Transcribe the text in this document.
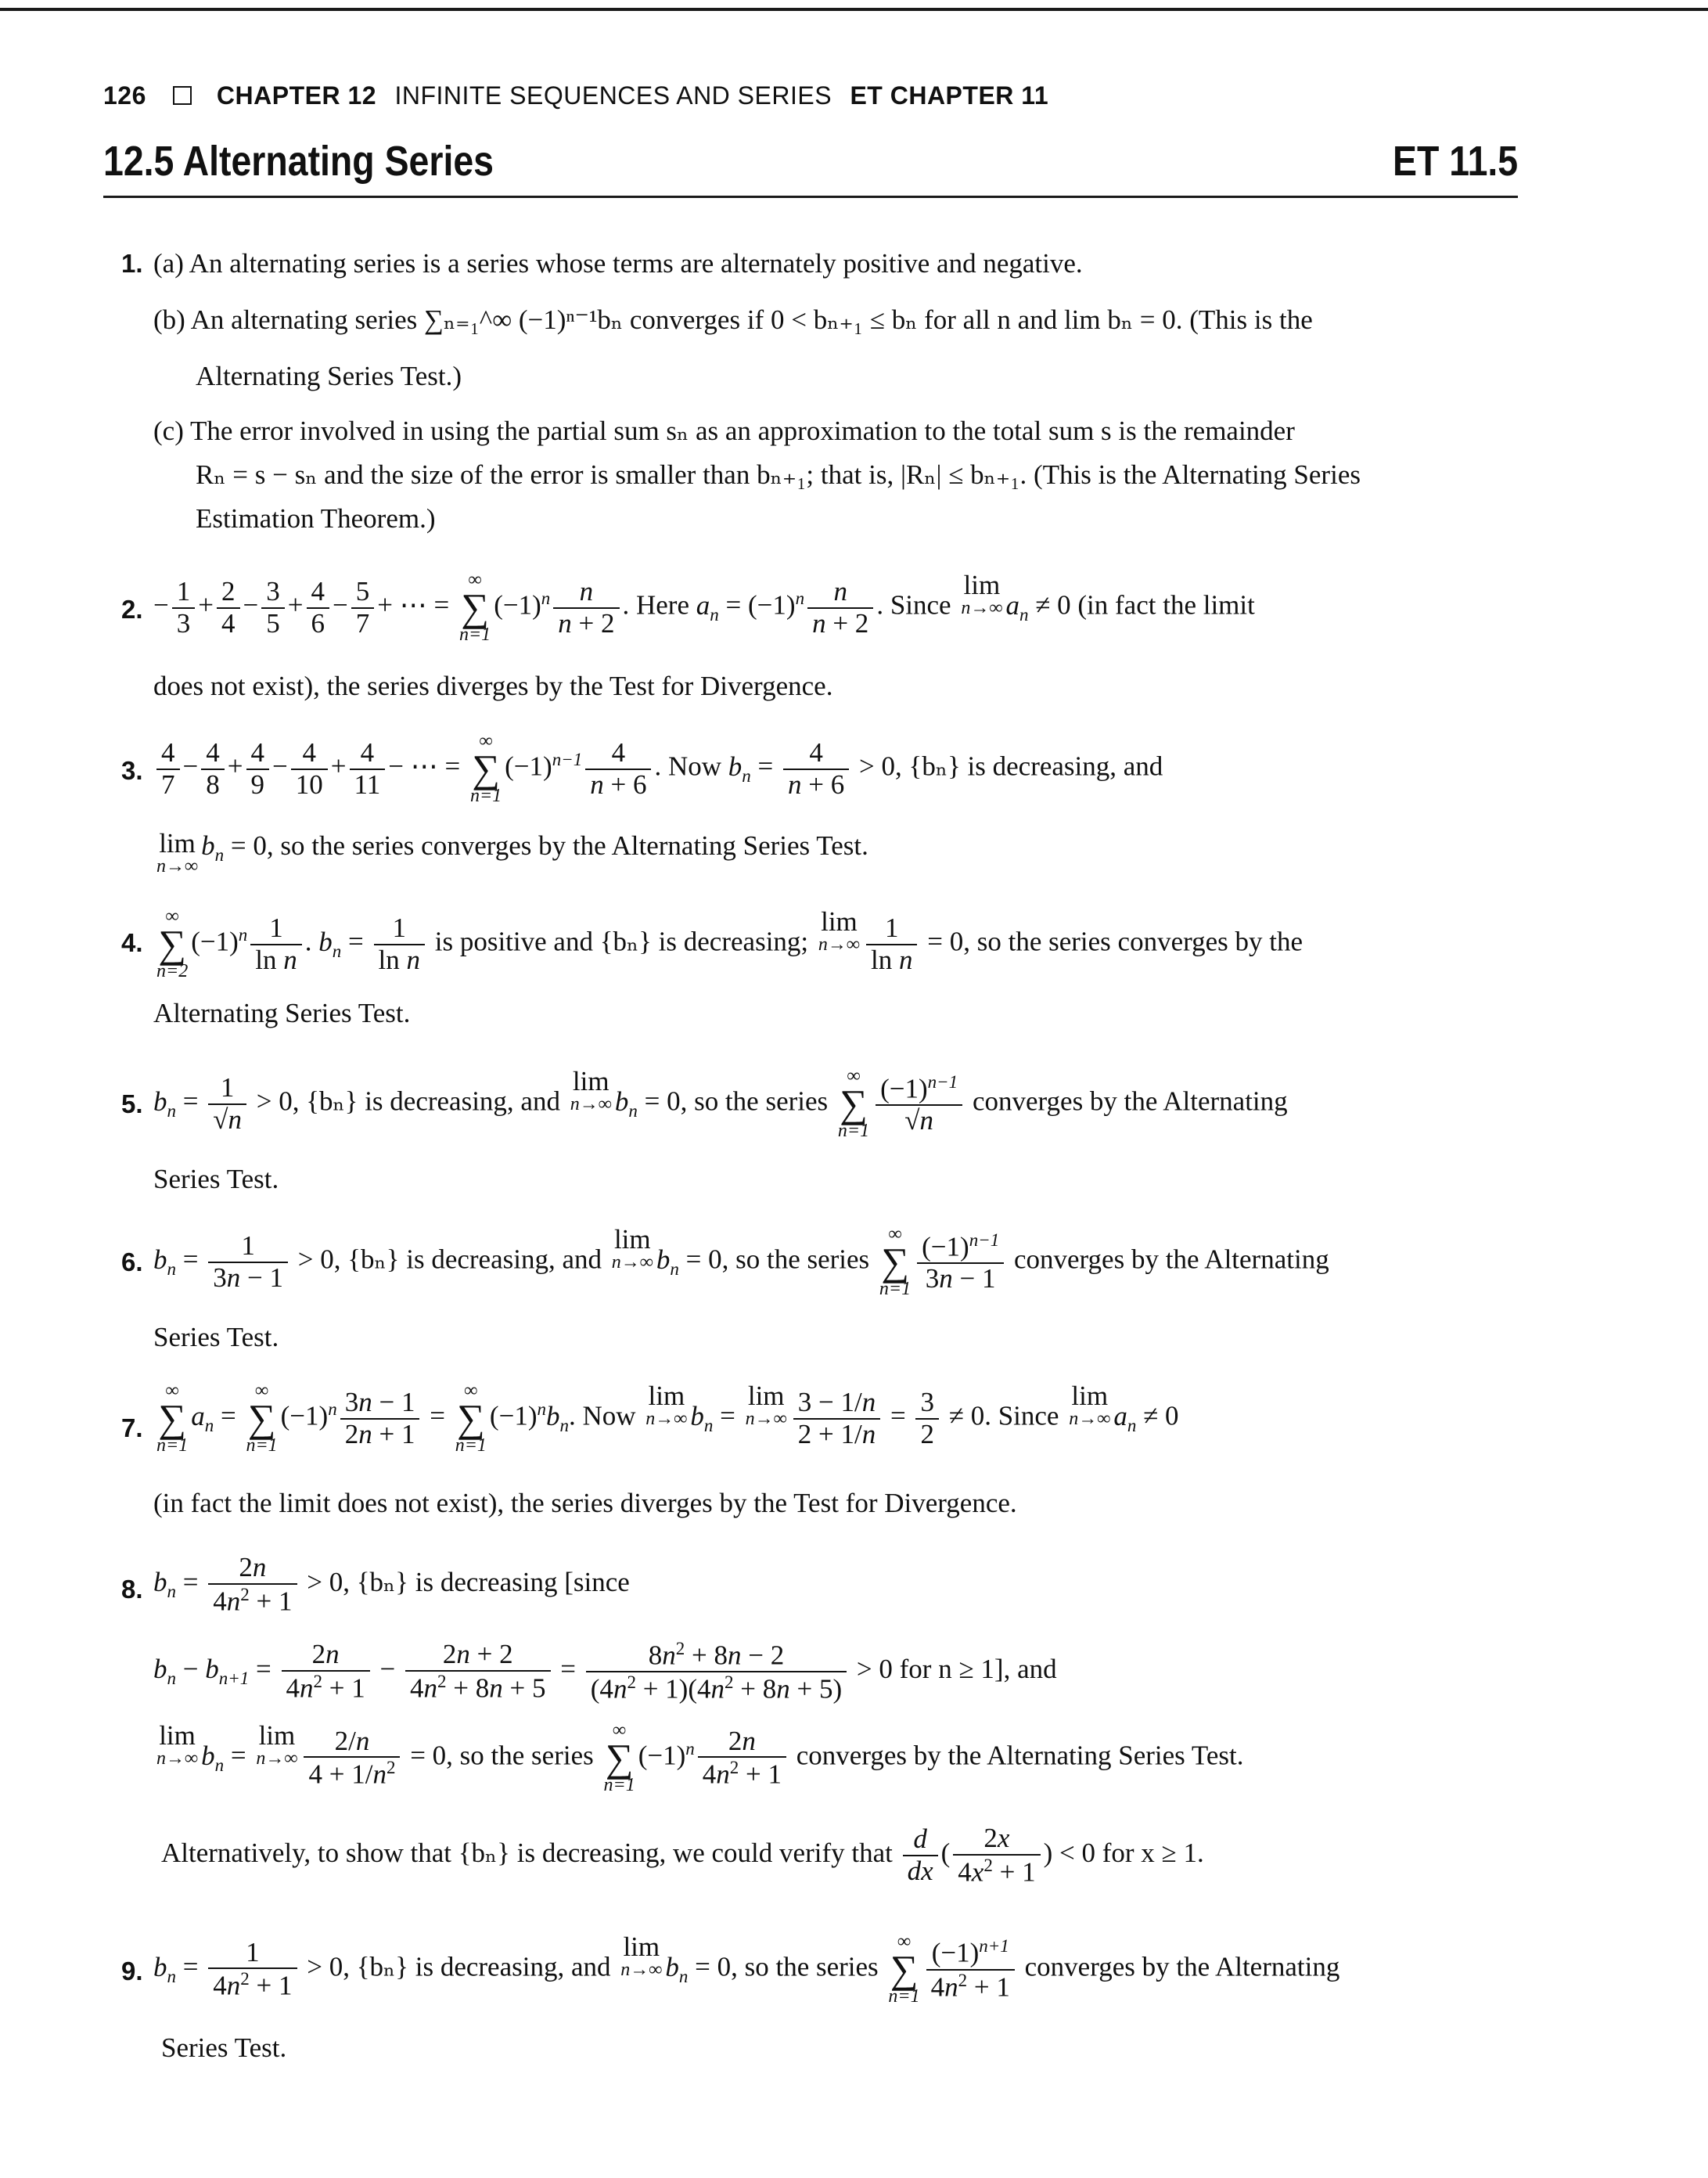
126	CHAPTER 12 INFINITE SEQUENCES AND SERIES ET CHAPTER 11
12.5 Alternating Series	ET 11.5
1. (a) An alternating series is a series whose terms are alternately positive and negative.
(b) An alternating series ∑ₙ₌₁^∞ (−1)ⁿ⁻¹bₙ converges if 0 < bₙ₊₁ ≤ bₙ for all n and lim bₙ = 0. (This is the
Alternating Series Test.)
(c) The error involved in using the partial sum sₙ as an approximation to the total sum s is the remainder
Rₙ = s − sₙ and the size of the error is smaller than bₙ₊₁; that is, |Rₙ| ≤ bₙ₊₁. (This is the Alternating Series
Estimation Theorem.)
2. − $\frac{1}{3} + \frac{2}{4} - \frac{3}{5} + \frac{4}{6} - \frac{5}{7}$ + ⋯ =
∞
∑
n=1
$(-1)^n \frac{n}{n + 2}$ . Here $a_n = (-1)^n \frac{n}{n + 2}$ . Since lim
n→∞ $a_n \ne 0$ (in fact the limit
does not exist), the series diverges by the Test for Divergence.
3. $\frac{4}{7} - \frac{4}{8} + \frac{4}{9} - \frac{4}{10} + \frac{4}{11}$ − ⋯ =
∞
∑
n=1
$(-1)^{n-1} \frac{4}{n + 6}$ . Now $b_n = \frac{4}{n + 6} > 0$, {bₙ} is decreasing, and
lim
n→∞
$b_n = 0$, so the series converges by the Alternating Series Test.
4.
∞
∑
n=2
$(-1)^n \frac{1}{\text{ln n}}$ . $b_n = \frac{1}{\text{ln n}}$ is positive and {bₙ} is decreasing; lim
$n\to\infty \frac{1}{\text{ln n}} = 0$, so the series converges by the
Alternating Series Test.
5. $b_n = \frac{1}{√n} > 0$, {bₙ} is decreasing, and lim
n→∞ $b_n = 0$, so the series
∞
∑
$n=1 \frac{(-1)^{n-1}}{√n}$ converges by the Alternating
Series Test.
6. $b_n = \frac{1}{3n - 1} > 0$, {bₙ} is decreasing, and lim
n→∞ $b_n = 0$, so the series
∞
∑
$n=1 \frac{(-1)^{n-1}}{3n - 1}$ converges by the Alternating
Series Test.
7.
∞
∑
n=1
$a_n$ =
∞
∑
n=1
$(-1)^n \frac{3n - 1}{2n + 1}$ =
∞
∑
n=1
$(-1)^nb_n$. Now lim
n→∞ $b_n = \lim$
$n\to\infty \frac{3 - 1/n}{2 + 1/n} = \frac{3}{2} \ne 0$. Since lim
n→∞ $a_n \ne 0$
(in fact the limit does not exist), the series diverges by the Test for Divergence.
8. $b_n = \frac{2n}{4n^2 + 1} > 0$, {bₙ} is decreasing [since
$b_n - b_{n+1} = \frac{2n}{4n^2 + 1} - \frac{2n + 2}{4n^2 + 8n + 5} = \frac{8n^2 + 8n - 2}{(4n^2 + 1)(4n^2 + 8n + 5)} > 0$ for n ≥ 1], and
lim
n→∞ $b_n = \lim$
$n\to\infty \frac{2/n}{4 + 1/n^2} = 0$, so the series
∞
∑
n=1
$(-1)^n \frac{2n}{4n^2 + 1}$ converges by the Alternating Series Test.
Alternatively, to show that {bₙ} is decreasing, we could verify that $\frac{d}{dx}$ ( $\frac{2x}{4x^2 + 1}$ ) < 0 for x ≥ 1.
9. $b_n = \frac{1}{4n^2 + 1} > 0$, {bₙ} is decreasing, and lim
n→∞ $b_n = 0$, so the series
∞
∑
$n=1 \frac{(-1)^{n+1}}{4n^2 + 1}$ converges by the Alternating
Series Test.
